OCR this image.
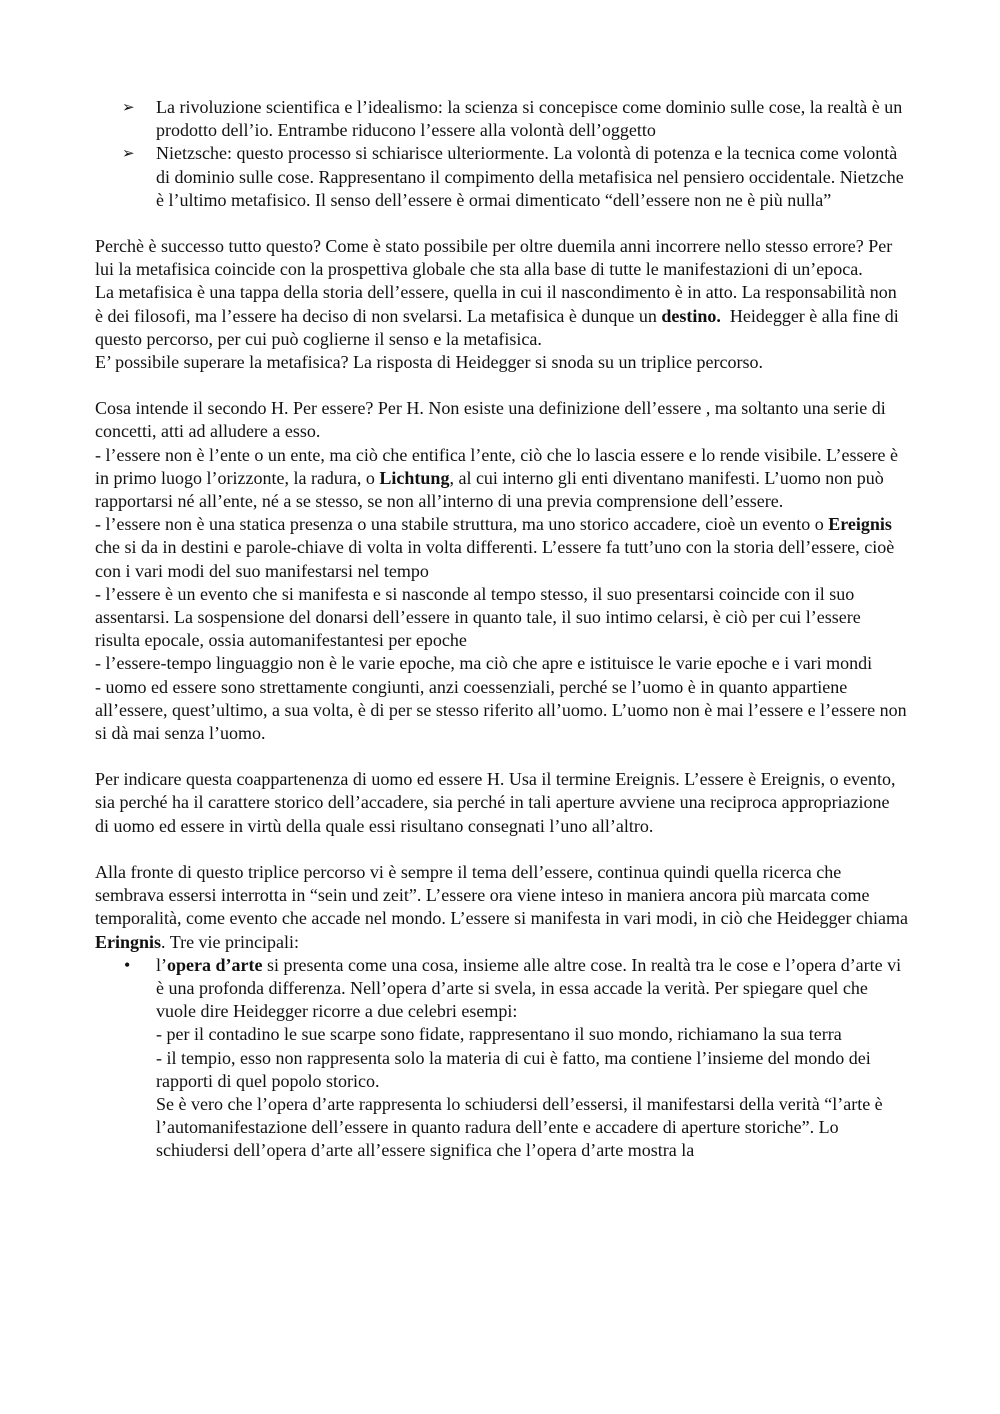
➢ La rivoluzione scientifica e l’idealismo: la scienza si concepisce come dominio sulle cose, la realtà è un prodotto dell’io. Entrambe riducono l’essere alla volontà dell’oggetto
➢ Nietzsche: questo processo si schiarisce ulteriormente. La volontà di potenza e la tecnica come volontà di dominio sulle cose. Rappresentano il compimento della metafisica nel pensiero occidentale. Nietzche è l’ultimo metafisico. Il senso dell’essere è ormai dimenticato “dell’essere non ne è più nulla”

Perchè è successo tutto questo? Come è stato possibile per oltre duemila anni incorrere nello stesso errore? Per lui la metafisica coincide con la prospettiva globale che sta alla base di tutte le manifestazioni di un’epoca.

La metafisica è una tappa della storia dell’essere, quella in cui il nascondimento è in atto. La responsabilità non è dei filosofi, ma l’essere ha deciso di non svelarsi. La metafisica è dunque un destino.  Heidegger è alla fine di questo percorso, per cui può coglierne il senso e la metafisica.

E’ possibile superare la metafisica? La risposta di Heidegger si snoda su un triplice percorso.

Cosa intende il secondo H. Per essere? Per H. Non esiste una definizione dell’essere , ma soltanto una serie di concetti, atti ad alludere a esso.

- l’essere non è l’ente o un ente, ma ciò che entifica l’ente, ciò che lo lascia essere e lo rende visibile. L’essere è in primo luogo l’orizzonte, la radura, o Lichtung, al cui interno gli enti diventano manifesti. L’uomo non può rapportarsi né all’ente, né a se stesso, se non all’interno di una previa comprensione dell’essere.

- l’essere non è una statica presenza o una stabile struttura, ma uno storico accadere, cioè un evento o Ereignis che si da in destini e parole-chiave di volta in volta differenti. L’essere fa tutt’uno con la storia dell’essere, cioè con i vari modi del suo manifestarsi nel tempo

- l’essere è un evento che si manifesta e si nasconde al tempo stesso, il suo presentarsi coincide con il suo assentarsi. La sospensione del donarsi dell’essere in quanto tale, il suo intimo celarsi, è ciò per cui l’essere risulta epocale, ossia automanifestantesi per epoche

- l’essere-tempo linguaggio non è le varie epoche, ma ciò che apre e istituisce le varie epoche e i vari mondi

- uomo ed essere sono strettamente congiunti, anzi coessenziali, perché se l’uomo è in quanto appartiene all’essere, quest’ultimo, a sua volta, è di per se stesso riferito all’uomo. L’uomo non è mai l’essere e l’essere non si dà mai senza l’uomo.

Per indicare questa coappartenenza di uomo ed essere H. Usa il termine Ereignis. L’essere è Ereignis, o evento, sia perché ha il carattere storico dell’accadere, sia perché in tali aperture avviene una reciproca appropriazione di uomo ed essere in virtù della quale essi risultano consegnati l’uno all’altro.

Alla fronte di questo triplice percorso vi è sempre il tema dell’essere, continua quindi quella ricerca che sembrava essersi interrotta in “sein und zeit”. L’essere ora viene inteso in maniera ancora più marcata come temporalità, come evento che accade nel mondo. L’essere si manifesta in vari modi, in ciò che Heidegger chiama Eringnis. Tre vie principali:

• l’opera d’arte si presenta come una cosa, insieme alle altre cose. In realtà tra le cose e l’opera d’arte vi è una profonda differenza. Nell’opera d’arte si svela, in essa accade la verità. Per spiegare quel che vuole dire Heidegger ricorre a due celebri esempi:
- per il contadino le sue scarpe sono fidate, rappresentano il suo mondo, richiamano la sua terra
- il tempio, esso non rappresenta solo la materia di cui è fatto, ma contiene l’insieme del mondo dei rapporti di quel popolo storico.
Se è vero che l’opera d’arte rappresenta lo schiudersi dell’essersi, il manifestarsi della verità “l’arte è l’automanifestazione dell’essere in quanto radura dell’ente e accadere di aperture storiche”. Lo schiudersi dell’opera d’arte all’essere significa che l’opera d’arte mostra la
